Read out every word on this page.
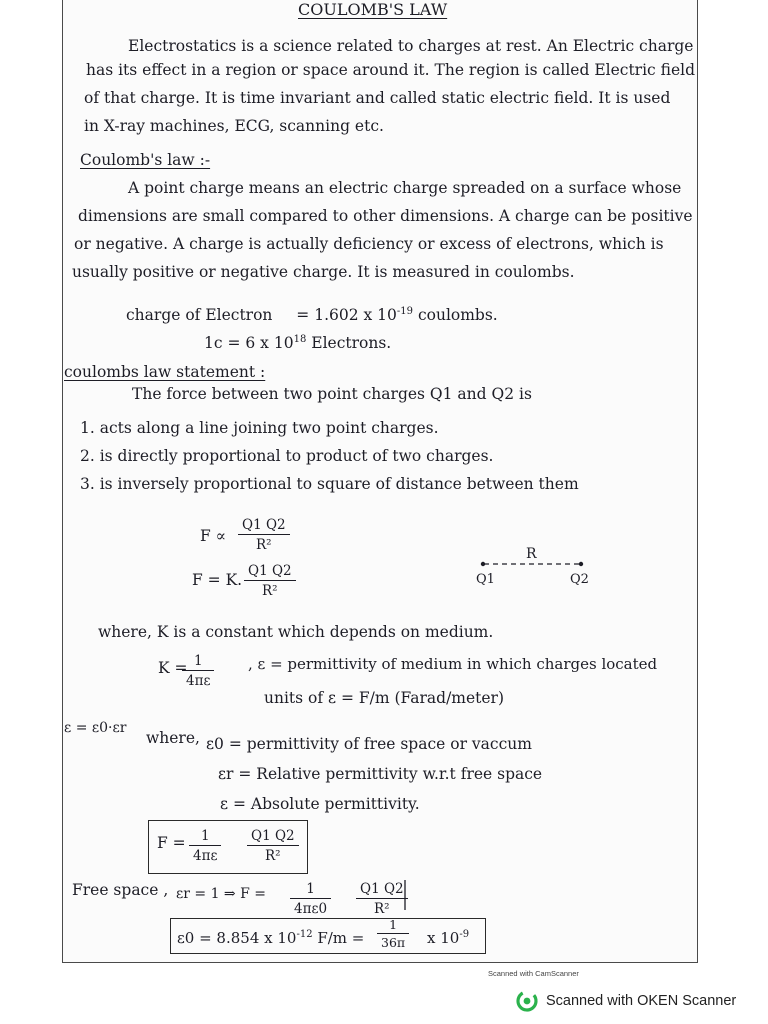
COULOMB'S LAW
Electrostatics is a science related to charges at rest. An Electric charge
has its effect in a region or space around it. The region is called Electric field
of that charge. It is time invariant and called static electric field. It is used
in X-ray machines, ECG, scanning etc.
Coulomb's law :-
A point charge means an electric charge spreaded on a surface whose
dimensions are small compared to other dimensions. A charge can be positive
or negative. A charge is actually deficiency or excess of electrons, which is
usually positive or negative charge. It is measured in coulombs.
charge of Electron = 1.602 x $10^{-19}$ coulombs.
1c = 6 x $10^{18}$ Electrons.
coulombs law statement :
The force between two point charges Q1 and Q2 is
1. acts along a line joining two point charges.
2. is directly proportional to product of two charges.
3. is inversely proportional to square of distance between them
$F \propto \frac{Q1 Q2}{\text{R²}}$
F = K. $\frac{Q1 Q2}{\text{R²}}$
R
Q1	Q2
where, K is a constant which depends on medium.
K =
$\frac{1}{4\pi\varepsilon}$ , ε = permittivity of medium in which charges located
units of ε = F/m (Farad/meter)
ε = ε0·εr
where, ε0 = permittivity of free space or vaccum
εr = Relative permittivity w.r.t free space
ε = Absolute permittivity.
$F = \frac{1}{4\pi\varepsilon} \frac{Q1 Q2}{\text{R²}}$
Free space , εr = 1 ⇒ $F = \frac{1}{4\pi\varepsilon 0} \frac{Q1 Q2}{\text{R²}}$
ε0 = 8.854 x $10^{-12}$ $F/m = \frac{1}{36\pi}$ x $10^{-9}$
Scanned with CamScanner
Scanned with OKEN Scanner
